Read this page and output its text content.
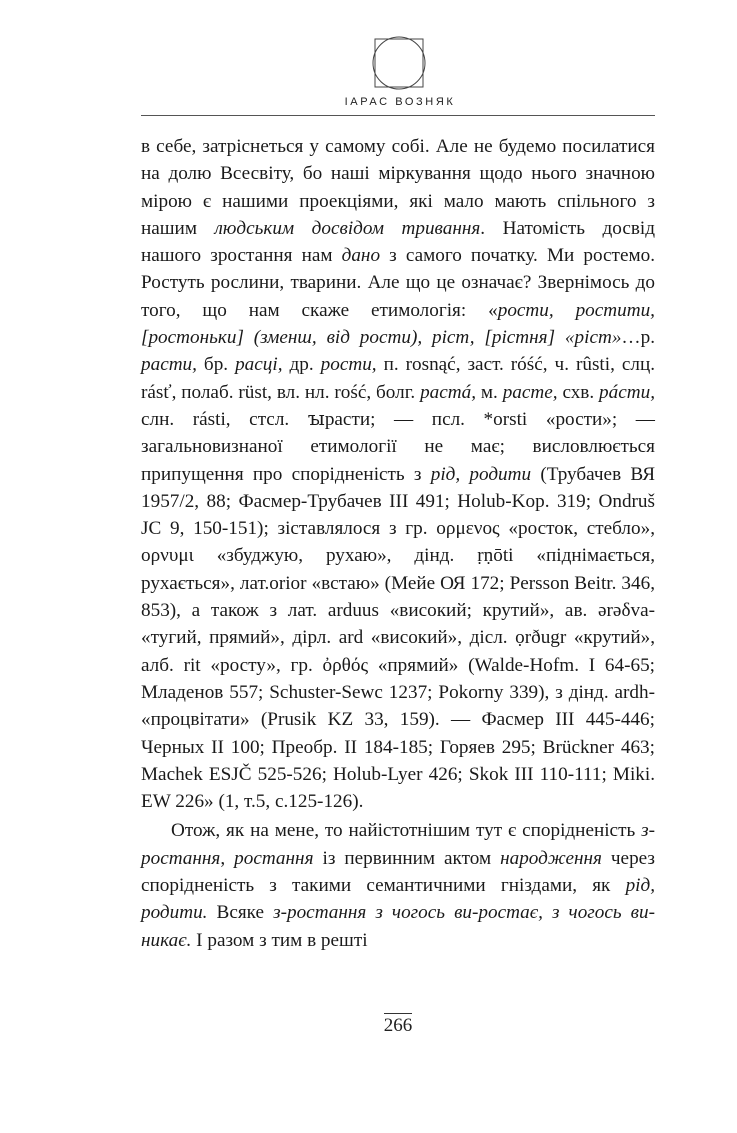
ІАРАС ВОЗНЯК

в себе, затріснеться у самому собі. Але не будемо посилатися на долю Всесвіту, бо наші міркування щодо нього значною мірою є нашими проекціями, які мало мають спільного з нашим людським досвідом тривання. Натомість досвід нашого зростання нам дано з самого початку. Ми ростемо. Ростуть рослини, тварини. Але що це означає? Звернімось до того, що нам скаже етимологія: «рости, ростити, [ростоньки] (зменш, від рости), ріст, [рістня] «ріст»…р. расти, бр. расці, др. рости, п. rosnąć, заст. róść, ч. rûsti, слц. rásť, полаб. rüst, вл. нл. rość, болг. растá, м. расте, схв. рáсти, слн. rásti, стсл. ꙑрасти; — псл. *orsti «рости»; — загальновизнаної етимології не має; висловлюється припущення про спорідненість з рід, родити (Трубачев ВЯ 1957/2, 88; Фасмер-Трубачев ІІІ 491; Holub-Kop. 319; Ondruš JC 9, 150-151); зіставлялося з гр. ορμενος «росток, стебло», ορνυμι «збуджую, рухаю», дінд. ṛṇōti «піднімається, рухається», лат.orior «встаю» (Мейе ОЯ 172; Persson Beitr. 346, 853), а також з лат. arduus «високий; крутий», ав. ǝrǝδva- «тугий, прямий», дірл. ard «високий», дісл. ọrðugr «крутий», алб. rit «росту», гр. ὀρθός «прямий» (Walde-Hofm. І 64-65; Младенов 557; Schuster-Sewc 1237; Pokorny 339), з дінд. ardh- «процвітати» (Prusik KZ 33, 159). — Фасмер ІІІ 445-446; Черных ІІ 100; Преобр. ІІ 184-185; Горяев 295; Brückner 463; Machek ESJČ 525-526; Holub-Lyer 426; Skok ІІІ 110-111; Miki. EW 226» (1, т.5, с.125-126).

Отож, як на мене, то найістотнішим тут є спорідненість з-ростання, ростання із первинним актом народження через спорідненість з такими семантичними гніздами, як рід, родити. Всяке з-ростання з чогось ви-ростає, з чогось ви-никає. І разом з тим в решті

266
